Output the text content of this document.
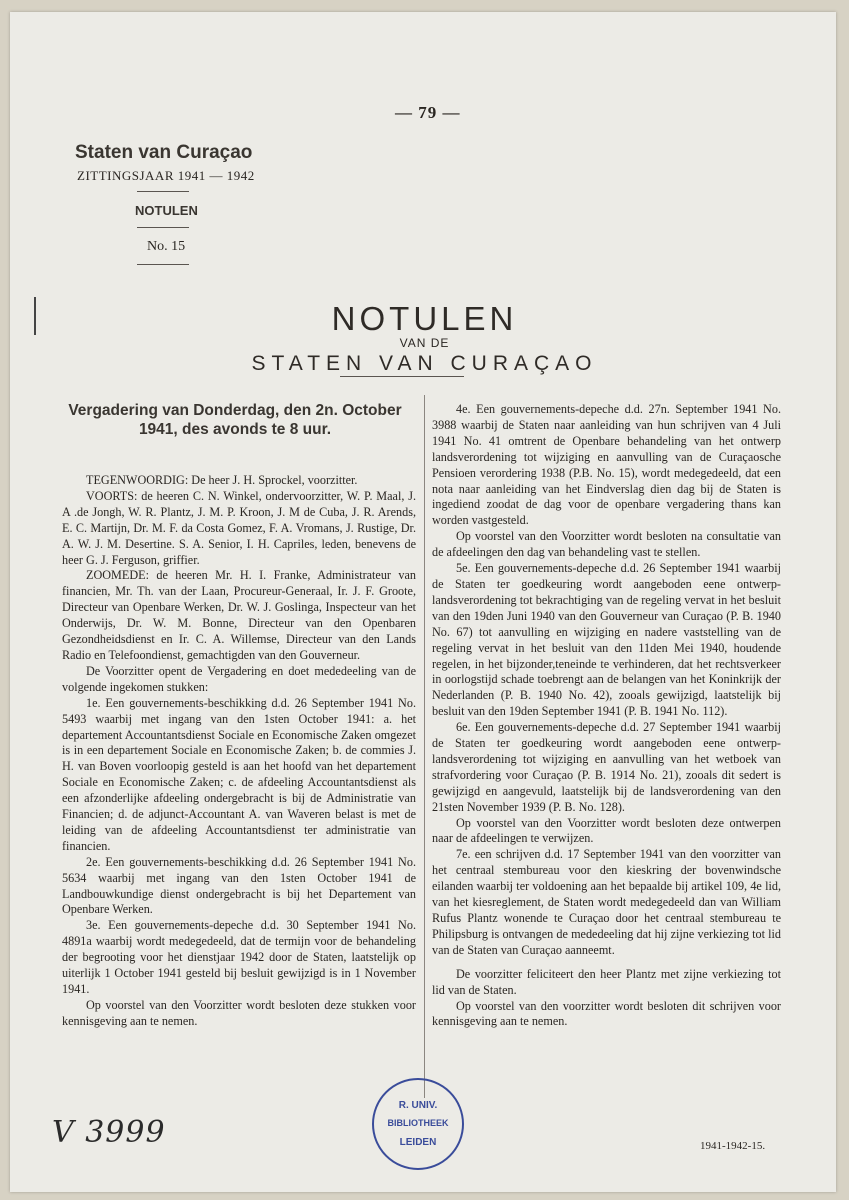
— 79 —
Staten van Curaçao
ZITTINGSJAAR 1941 — 1942
NOTULEN
No. 15
NOTULEN
VAN DE
STATEN VAN CURAÇAO
Vergadering van Donderdag, den 2n. October 1941, des avonds te 8 uur.

TEGENWOORDIG: De heer J. H. Sprockel, voorzitter.

VOORTS: de heeren C. N. Winkel, ondervoorzitter, W. P. Maal, J. A .de Jongh, W. R. Plantz, J. M. P. Kroon, J. M de Cuba, J. R. Arends, E. C. Martijn, Dr. M. F. da Costa Gomez, F. A. Vromans, J. Rustige, Dr. A. W. J. M. Desertine. S. A. Senior, I. H. Capriles, leden, benevens de heer G. J. Ferguson, griffier.

ZOOMEDE: de heeren Mr. H. I. Franke, Administrateur van financien, Mr. Th. van der Laan, Procureur-Generaal, Ir. J. F. Groote, Directeur van Openbare Werken, Dr. W. J. Goslinga, Inspecteur van het Onderwijs, Dr. W. M. Bonne, Directeur van den Openbaren Gezondheidsdienst en Ir. C. A. Willemse, Directeur van den Lands Radio en Telefoondienst, gemachtigden van den Gouverneur.

De Voorzitter opent de Vergadering en doet mededeeling van de volgende ingekomen stukken:

1e. Een gouvernements-beschikking d.d. 26 September 1941 No. 5493 waarbij met ingang van den 1sten October 1941: a. het departement Accountantsdienst Sociale en Economische Zaken omgezet is in een departement Sociale en Economische Zaken; b. de commies J. H. van Boven voorloopig gesteld is aan het hoofd van het departement Sociale en Economische Zaken; c. de afdeeling Accountantsdienst als een afzonderlijke afdeeling ondergebracht is bij de Administratie van Financien; d. de adjunct-Accountant A. van Waveren belast is met de leiding van de afdeeling Accountantsdienst ter administratie van financien.

2e. Een gouvernements-beschikking d.d. 26 September 1941 No. 5634 waarbij met ingang van den 1sten October 1941 de Landbouwkundige dienst ondergebracht is bij het Departement van Openbare Werken.

3e. Een gouvernements-depeche d.d. 30 September 1941 No. 4891a waarbij wordt medegedeeld, dat de termijn voor de behandeling der begrooting voor het dienstjaar 1942 door de Staten, laatstelijk op uiterlijk 1 October 1941 gesteld bij besluit gewijzigd is in 1 November 1941.

Op voorstel van den Voorzitter wordt besloten deze stukken voor kennisgeving aan te nemen.

4e. Een gouvernements-depeche d.d. 27n. September 1941 No. 3988 waarbij de Staten naar aanleiding van hun schrijven van 4 Juli 1941 No. 41 omtrent de Openbare behandeling van het ontwerp landsverordening tot wijziging en aanvulling van de Curaçaosche Pensioen verordering 1938 (P.B. No. 15), wordt medegedeeld, dat een nota naar aanleiding van het Eindverslag dien dag bij de Staten is ingediend zoodat de dag voor de openbare vergadering thans kan worden vastgesteld.

Op voorstel van den Voorzitter wordt besloten na consultatie van de afdeelingen den dag van behandeling vast te stellen.

5e. Een gouvernements-depeche d.d. 26 September 1941 waarbij de Staten ter goedkeuring wordt aangeboden eene ontwerp-landsverordening tot bekrachtiging van de regeling vervat in het besluit van den 19den Juni 1940 van den Gouverneur van Curaçao (P. B. 1940 No. 67) tot aanvulling en wijziging en nadere vaststelling van de regeling vervat in het besluit van den 11den Mei 1940, houdende regelen, in het bijzonder,teneinde te verhinderen, dat het rechtsverkeer in oorlogstijd schade toebrengt aan de belangen van het Koninkrijk der Nederlanden (P. B. 1940 No. 42), zooals gewijzigd, laatstelijk bij besluit van den 19den September 1941 (P. B. 1941 No. 112).

6e. Een gouvernements-depeche d.d. 27 September 1941 waarbij de Staten ter goedkeuring wordt aangeboden eene ontwerp-landsverordening tot wijziging en aanvulling van het wetboek van strafvordering voor Curaçao (P. B. 1914 No. 21), zooals dit sedert is gewijzigd en aangevuld, laatstelijk bij de landsverordening van den 21sten November 1939 (P. B. No. 128).

Op voorstel van den Voorzitter wordt besloten deze ontwerpen naar de afdeelingen te verwijzen.

7e. een schrijven d.d. 17 September 1941 van den voorzitter van het centraal stembureau voor den kieskring der bovenwindsche eilanden waarbij ter voldoening aan het bepaalde bij artikel 109, 4e lid, van het kiesreglement, de Staten wordt medegedeeld dan van William Rufus Plantz wonende te Curaçao door het centraal stembureau te Philipsburg is ontvangen de mededeeling dat hij zijne verkiezing tot lid van de Staten van Curaçao aanneemt.

De voorzitter feliciteert den heer Plantz met zijne verkiezing tot lid van de Staten.

Op voorstel van den voorzitter wordt besloten dit schrijven voor kennisgeving aan te nemen.

R. UNIV.
BIBLIOTHEEK
LEIDEN
V 3999	1941-1942-15.
